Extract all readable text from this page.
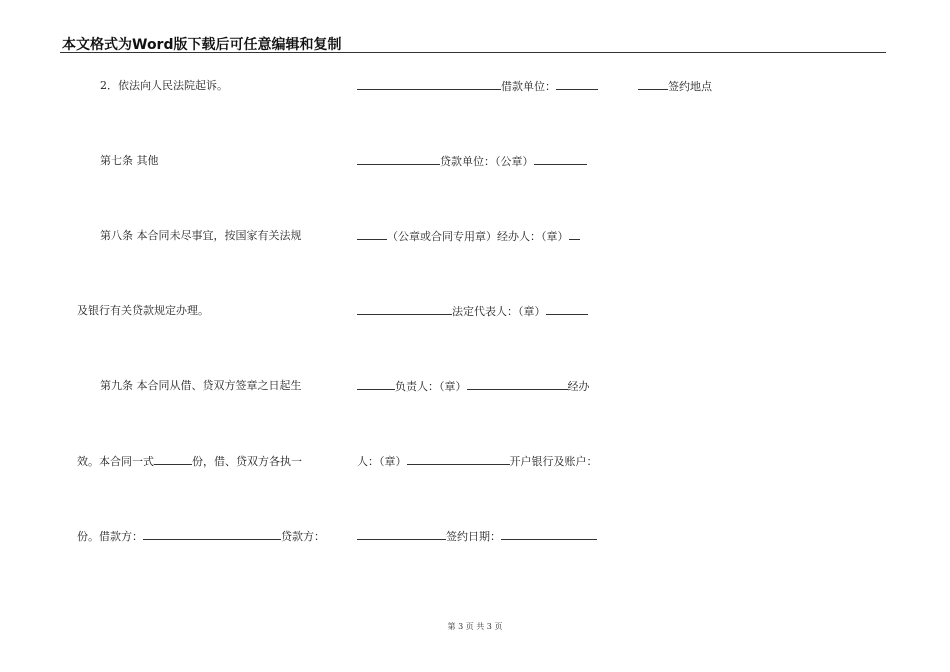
本文格式为Word版下载后可任意编辑和复制
2．依法向人民法院起诉。
第七条 其他
第八条 本合同未尽事宜，按国家有关法规
及银行有关贷款规定办理。
第九条 本合同从借、贷双方签章之日起生
效。本合同一式	份，借、贷双方各执一
份。借款方：	贷款方：
借款单位：	签约地点
贷款单位：（公章）
（公章或合同专用章）经办人：（章）
法定代表人：（章）
负责人：（章）	经办
人：（章）	开户银行及账户：
签约日期：
第 3 页 共 3 页
